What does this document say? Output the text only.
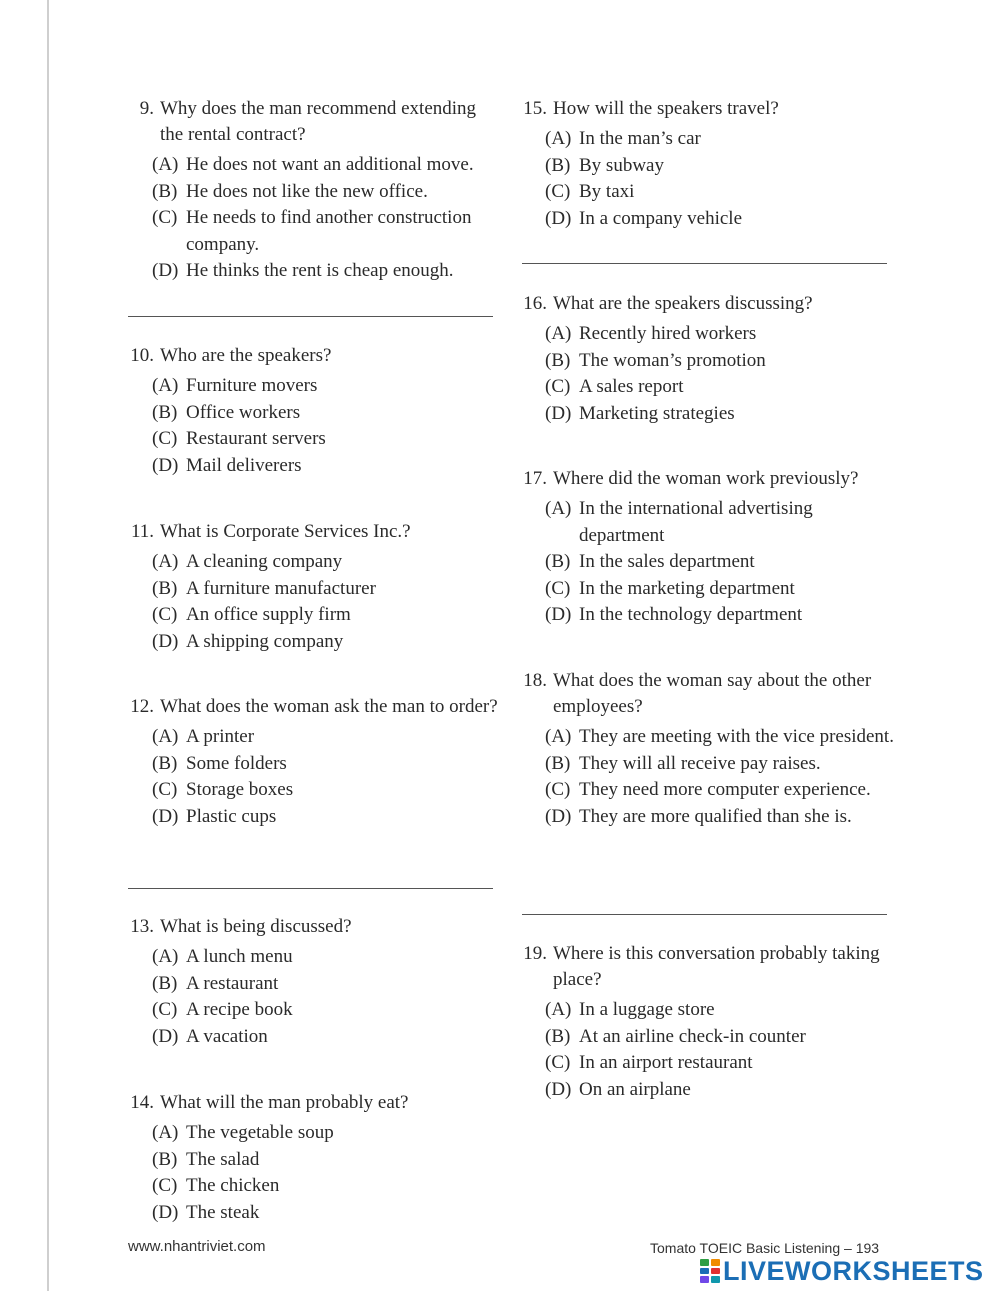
9. Why does the man recommend extending the rental contract?
(A) He does not want an additional move.
(B) He does not like the new office.
(C) He needs to find another construction company.
(D) He thinks the rent is cheap enough.
10. Who are the speakers?
(A) Furniture movers
(B) Office workers
(C) Restaurant servers
(D) Mail deliverers
11. What is Corporate Services Inc.?
(A) A cleaning company
(B) A furniture manufacturer
(C) An office supply firm
(D) A shipping company
12. What does the woman ask the man to order?
(A) A printer
(B) Some folders
(C) Storage boxes
(D) Plastic cups
13. What is being discussed?
(A) A lunch menu
(B) A restaurant
(C) A recipe book
(D) A vacation
14. What will the man probably eat?
(A) The vegetable soup
(B) The salad
(C) The chicken
(D) The steak
15. How will the speakers travel?
(A) In the man’s car
(B) By subway
(C) By taxi
(D) In a company vehicle
16. What are the speakers discussing?
(A) Recently hired workers
(B) The woman’s promotion
(C) A sales report
(D) Marketing strategies
17. Where did the woman work previously?
(A) In the international advertising department
(B) In the sales department
(C) In the marketing department
(D) In the technology department
18. What does the woman say about the other employees?
(A) They are meeting with the vice president.
(B) They will all receive pay raises.
(C) They need more computer experience.
(D) They are more qualified than she is.
19. Where is this conversation probably taking place?
(A) In a luggage store
(B) At an airline check-in counter
(C) In an airport restaurant
(D) On an airplane
www.nhantriviet.com	Tomato TOEIC Basic Listening – 193
LIVEWORKSHEETS
